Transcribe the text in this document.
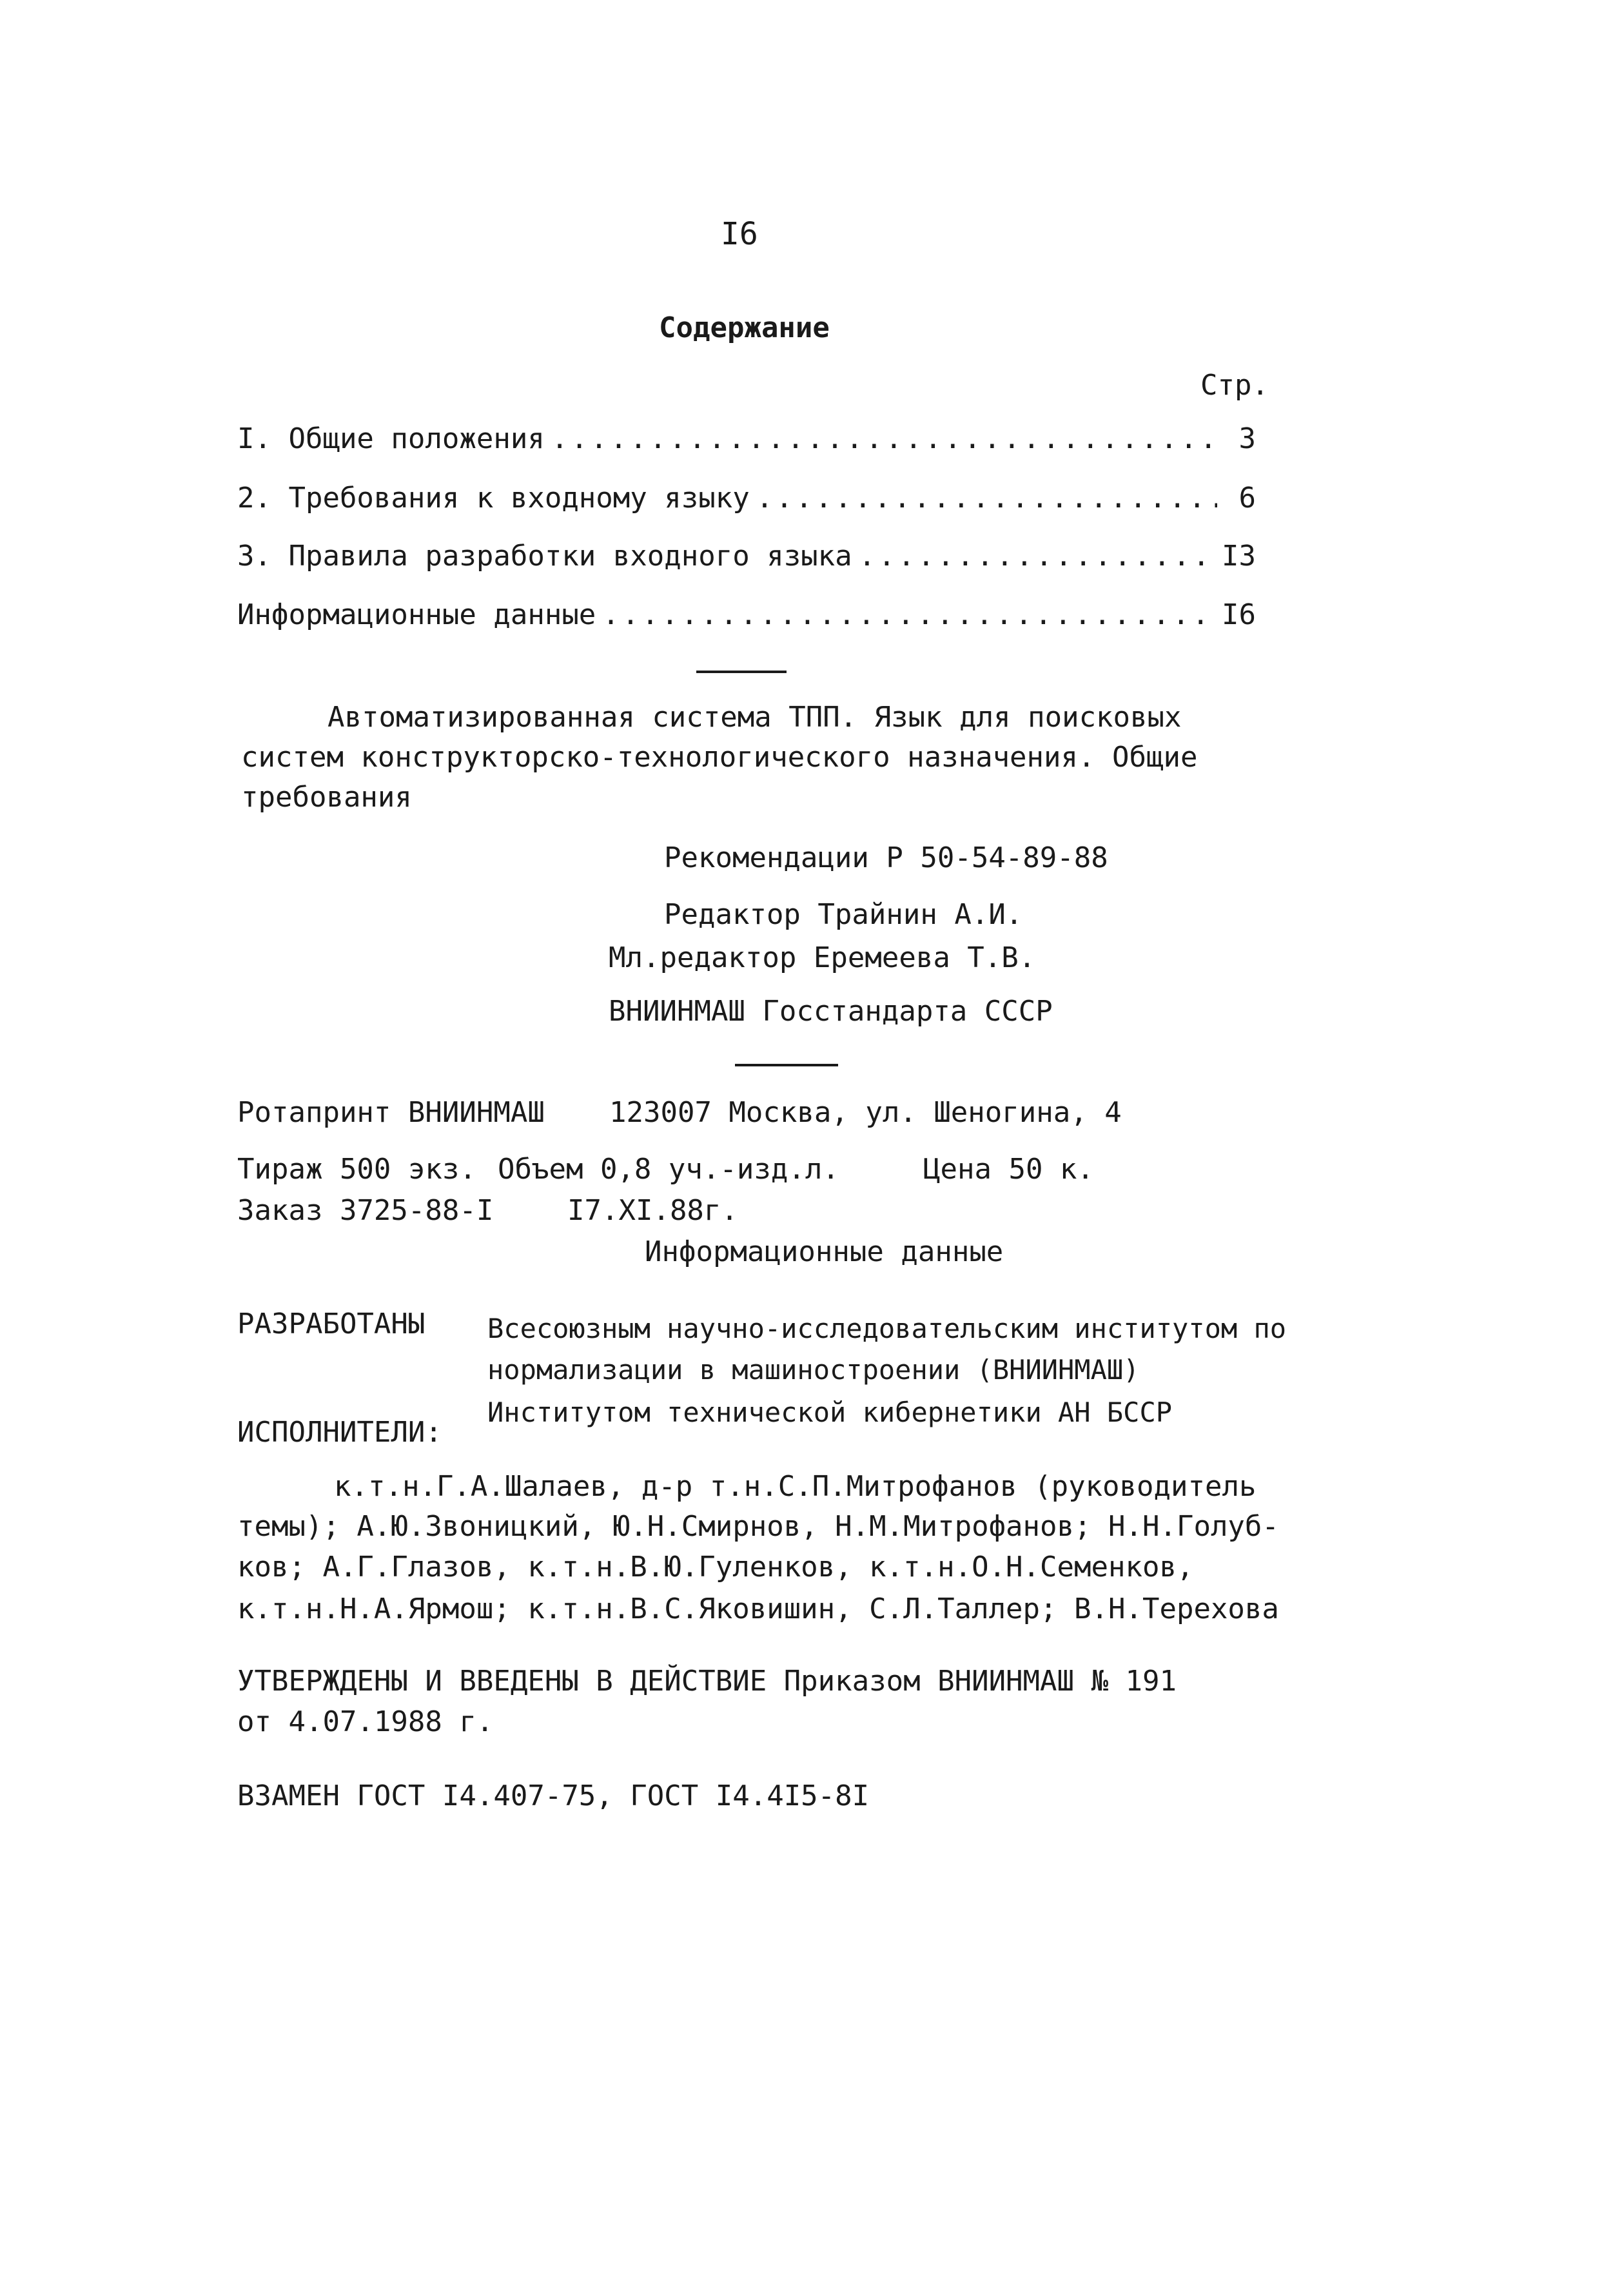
I6
Содержание
Стр.
I. Общие положения .....	3
2. Требования к входному языку .....	6
3. Правила разработки входного языка .....	I3
Информационные данные .....	I6
Автоматизированная система ТПП. Язык для поисковых
систем конструкторско-технологического назначения. Общие
требования
Рекомендации Р 50-54-89-88
Редактор Трайнин А.И.
Мл.редактор Еремеева Т.В.
ВНИИНМАШ Госстандарта СССР
Ротапринт ВНИИНМАШ 123007 Москва, ул. Шеногина, 4
Тираж 500 экз. Объем 0,8 уч.-изд.л.	Цена 50 к.
Заказ 3725-88-I	I7.XI.88г.
Информационные данные
РАЗРАБОТАНЫ Всесоюзным научно-исследовательским институтом по
нормализации в машиностроении (ВНИИНМАШ)
Институтом технической кибернетики АН БССР
ИСПОЛНИТЕЛИ:
к.т.н.Г.А.Шалаев, д-р т.н.С.П.Митрофанов (руководитель
темы); А.Ю.Звоницкий, Ю.Н.Смирнов, Н.М.Митрофанов; Н.Н.Голуб-
ков; А.Г.Глазов, к.т.н.В.Ю.Гуленков, к.т.н.О.Н.Семенков,
к.т.н.Н.А.Ярмош; к.т.н.В.С.Яковишин, С.Л.Таллер; В.Н.Терехова
УТВЕРЖДЕНЫ И ВВЕДЕНЫ В ДЕЙСТВИЕ Приказом ВНИИНМАШ № 191
от 4.07.1988 г.
ВЗАМЕН ГОСТ I4.407-75, ГОСТ I4.4I5-8I
